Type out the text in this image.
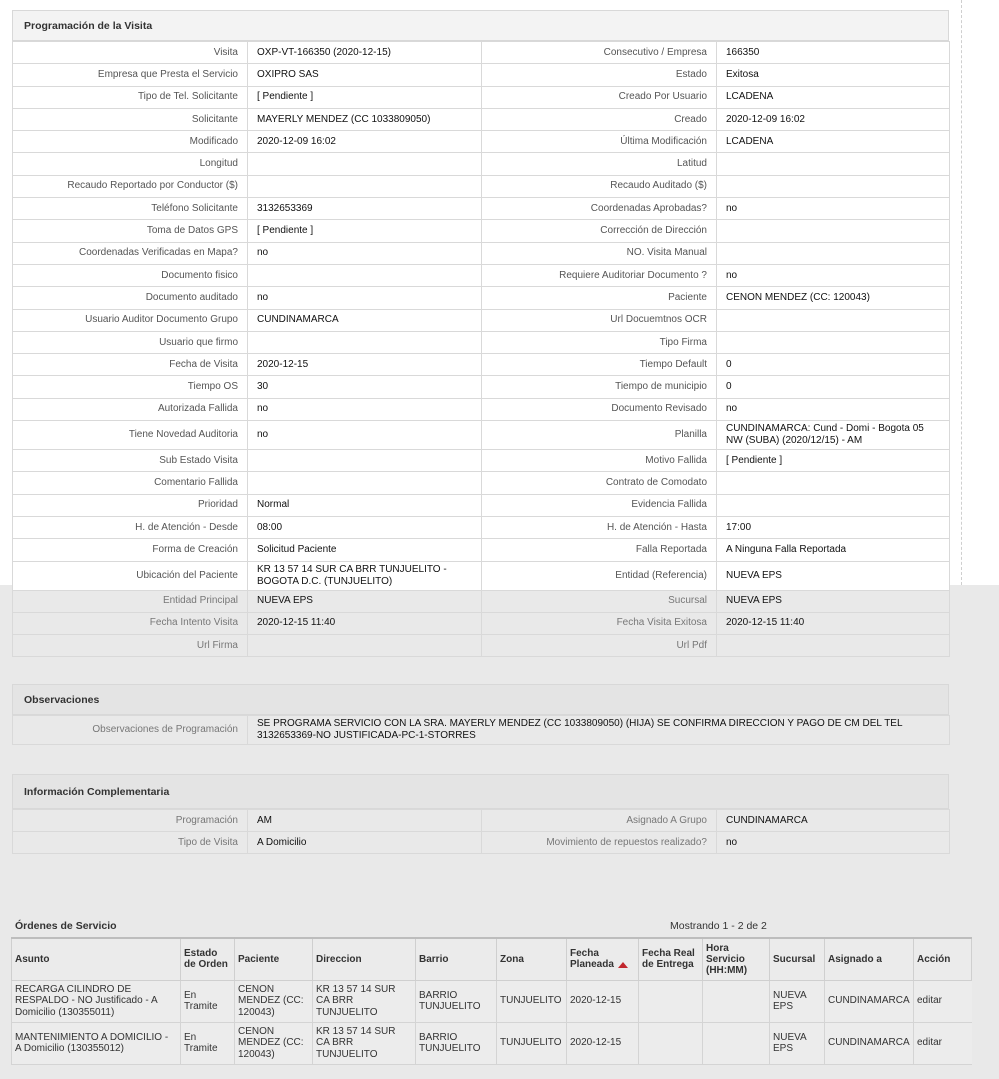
Programación de la Visita
Visita	OXP-VT-166350 (2020-12-15)	Consecutivo / Empresa	166350
Empresa que Presta el Servicio	OXIPRO SAS	Estado	Exitosa
Tipo de Tel. Solicitante	[ Pendiente ]	Creado Por Usuario	LCADENA
Solicitante	MAYERLY MENDEZ (CC 1033809050)	Creado	2020-12-09 16:02
Modificado	2020-12-09 16:02	Última Modificación	LCADENA
Longitud		Latitud	
Recaudo Reportado por Conductor ($)		Recaudo Auditado ($)	
Teléfono Solicitante	3132653369	Coordenadas Aprobadas?	no
Toma de Datos GPS	[ Pendiente ]	Corrección de Dirección	
Coordenadas Verificadas en Mapa?	no	NO. Visita Manual	
Documento fisico		Requiere Auditoriar Documento ?	no
Documento auditado	no	Paciente	CENON MENDEZ (CC: 120043)
Usuario Auditor Documento Grupo	CUNDINAMARCA	Url Docuemtnos OCR	
Usuario que firmo		Tipo Firma	
Fecha de Visita	2020-12-15	Tiempo Default	0
Tiempo OS	30	Tiempo de municipio	0
Autorizada Fallida	no	Documento Revisado	no
Tiene Novedad Auditoria	no	Planilla	CUNDINAMARCA: Cund - Domi - Bogota 05 NW (SUBA) (2020/12/15) - AM
Sub Estado Visita		Motivo Fallida	[ Pendiente ]
Comentario Fallida		Contrato de Comodato	
Prioridad	Normal	Evidencia Fallida	
H. de Atención - Desde	08:00	H. de Atención - Hasta	17:00
Forma de Creación	Solicitud Paciente	Falla Reportada	A Ninguna Falla Reportada
Ubicación del Paciente	KR 13 57 14 SUR CA BRR TUNJUELITO - BOGOTA D.C. (TUNJUELITO)	Entidad (Referencia)	NUEVA EPS
Entidad Principal	NUEVA EPS	Sucursal	NUEVA EPS
Fecha Intento Visita	2020-12-15 11:40	Fecha Visita Exitosa	2020-12-15 11:40
Url Firma		Url Pdf	
Observaciones
Observaciones de Programación	SE PROGRAMA SERVICIO CON LA SRA. MAYERLY MENDEZ (CC 1033809050) (HIJA) SE CONFIRMA DIRECCION Y PAGO DE CM DEL TEL 3132653369-NO JUSTIFICADA-PC-1-STORRES
Información Complementaria
Programación	AM	Asignado A Grupo	CUNDINAMARCA
Tipo de Visita	A Domicilio	Movimiento de repuestos realizado?	no
Órdenes de Servicio	Mostrando 1 - 2 de 2
Asunto	Estado de Orden	Paciente	Direccion	Barrio	Zona	Fecha Planeada	Fecha Real de Entrega	Hora Servicio (HH:MM)	Sucursal	Asignado a	Acción
RECARGA CILINDRO DE RESPALDO - NO Justificado - A Domicilio (130355011)	En Tramite	CENON MENDEZ (CC: 120043)	KR 13 57 14 SUR CA BRR TUNJUELITO	BARRIO TUNJUELITO	TUNJUELITO	2020-12-15			NUEVA EPS	CUNDINAMARCA	editar
MANTENIMIENTO A DOMICILIO - A Domicilio (130355012)	En Tramite	CENON MENDEZ (CC: 120043)	KR 13 57 14 SUR CA BRR TUNJUELITO	BARRIO TUNJUELITO	TUNJUELITO	2020-12-15			NUEVA EPS	CUNDINAMARCA	editar
